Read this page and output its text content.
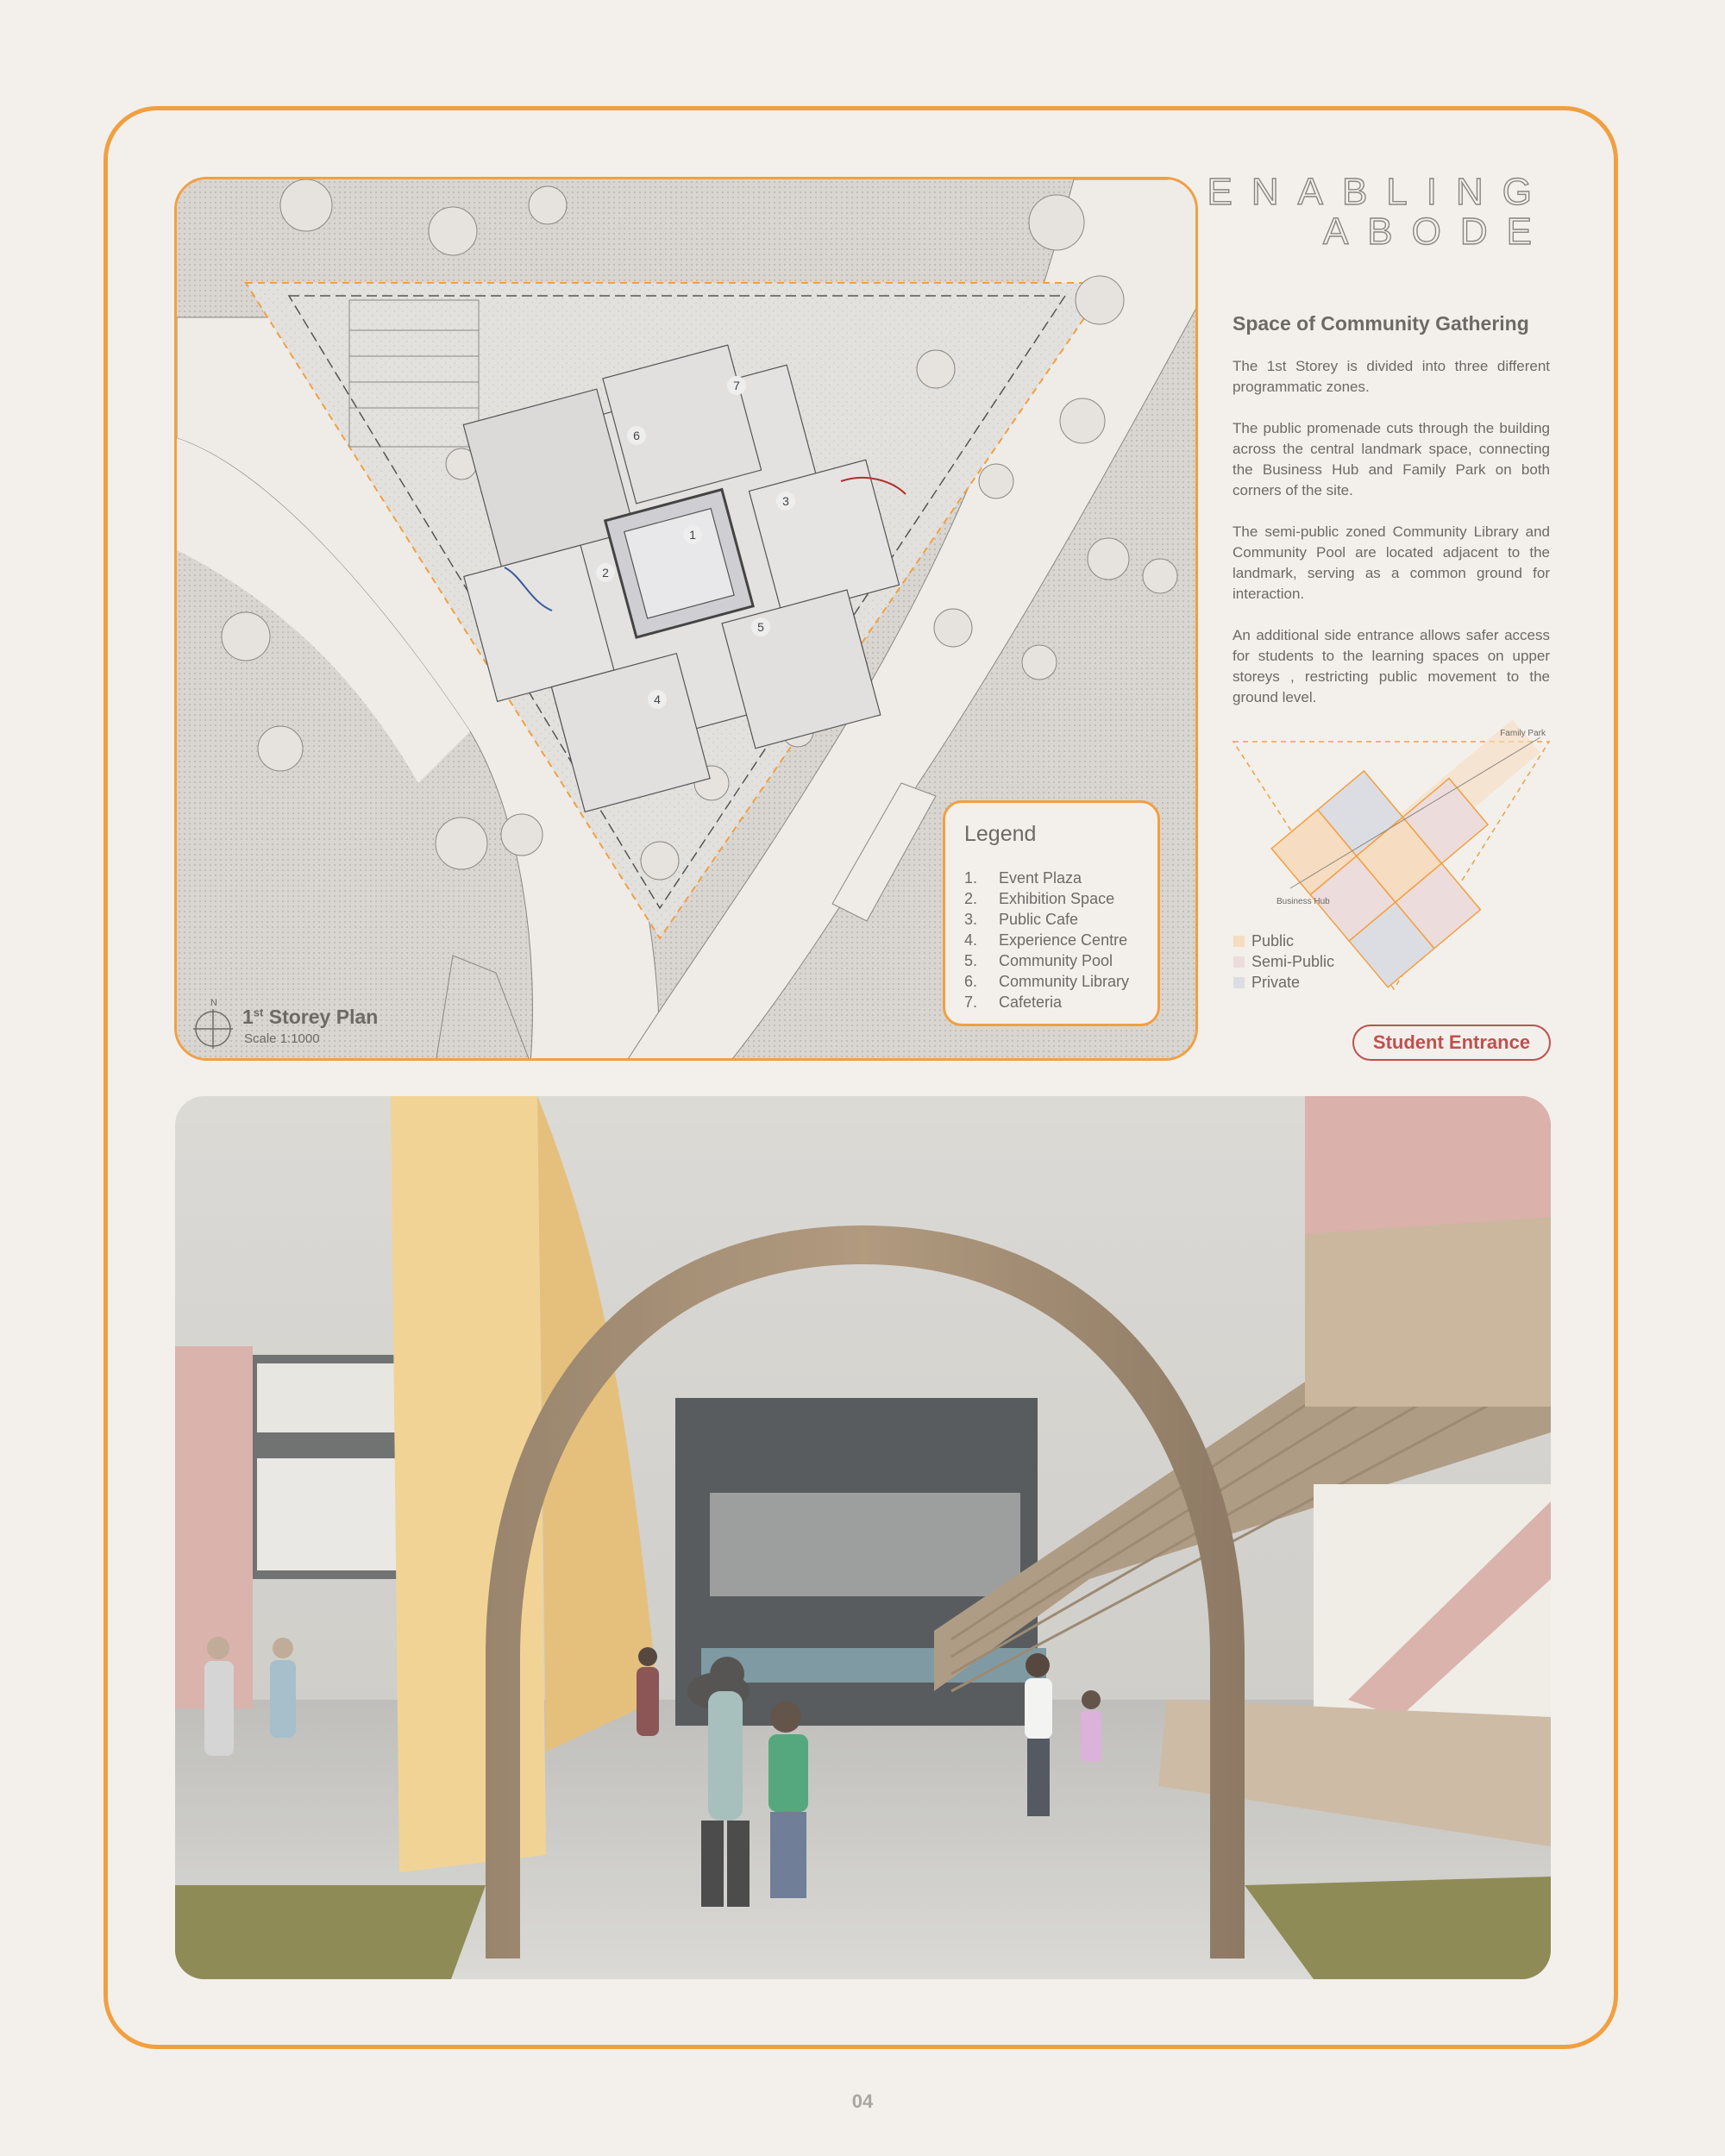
1
2
3
4
5
6
7
N
1st Storey Plan
Scale 1:1000
Legend
1. Event Plaza
2. Exhibition Space
3. Public Cafe
4. Experience Centre
5. Community Pool
6. Community Library
7. Cafeteria
ENABLING
ABODE
Space of Community Gathering

The 1st Storey is divided into three different programmatic zones.

The public promenade cuts through the building across the central landmark space, connecting the Business Hub and Family Park on both corners of the site.

The semi-public zoned Community Library and Community Pool are located adjacent to the landmark, serving as a common ground for interaction.

An additional side entrance allows safer access for students to the learning spaces on upper storeys , restricting public movement to the ground level.

Family Park
Business Hub
Public
Semi-Public
Private
Student Entrance
04
